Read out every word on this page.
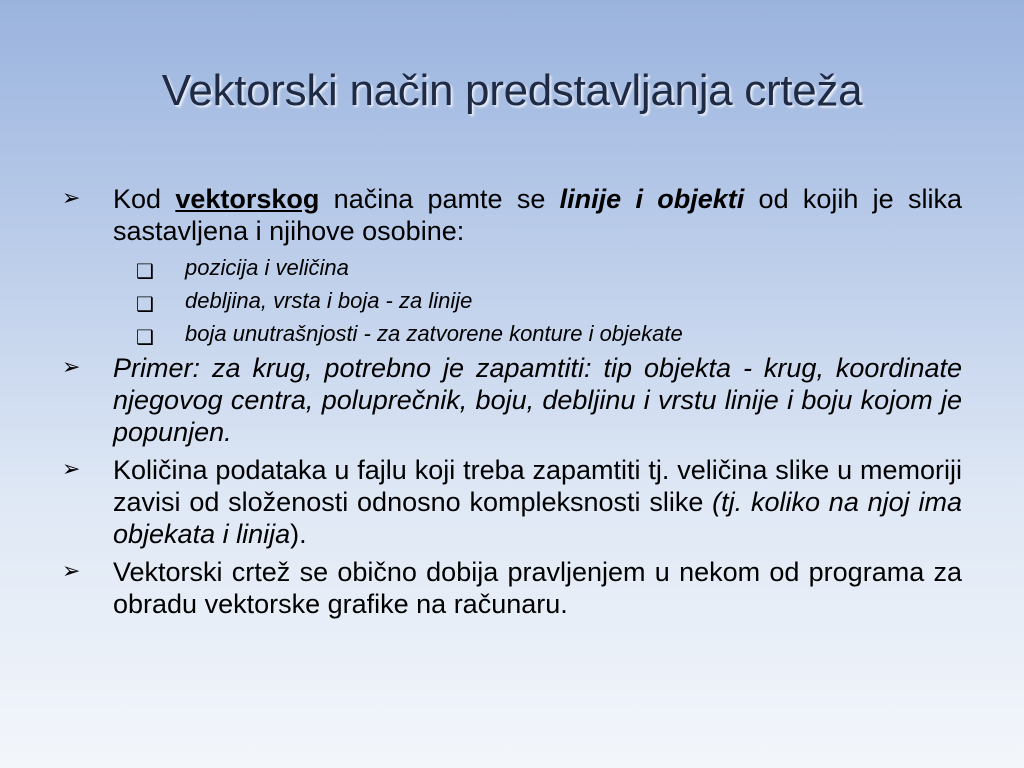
Vektorski način predstavljanja crteža
➢ Kod vektorskog načina pamte se linije i objekti od kojih je slika sastavljena i njihove osobine:
❑ pozicija i veličina
❑ debljina, vrsta i boja - za linije
❑ boja unutrašnjosti - za zatvorene konture i objekate
➢ Primer: za krug, potrebno je zapamtiti: tip objekta - krug, koordinate njegovog centra, poluprečnik, boju, debljinu i vrstu linije i boju kojom je popunjen.
➢ Količina podataka u fajlu koji treba zapamtiti tj. veličina slike u memoriji zavisi od složenosti odnosno kompleksnosti slike (tj. koliko na njoj ima objekata i linija).
➢ Vektorski crtež se obično dobija pravljenjem u nekom od programa za obradu vektorske grafike na računaru.
